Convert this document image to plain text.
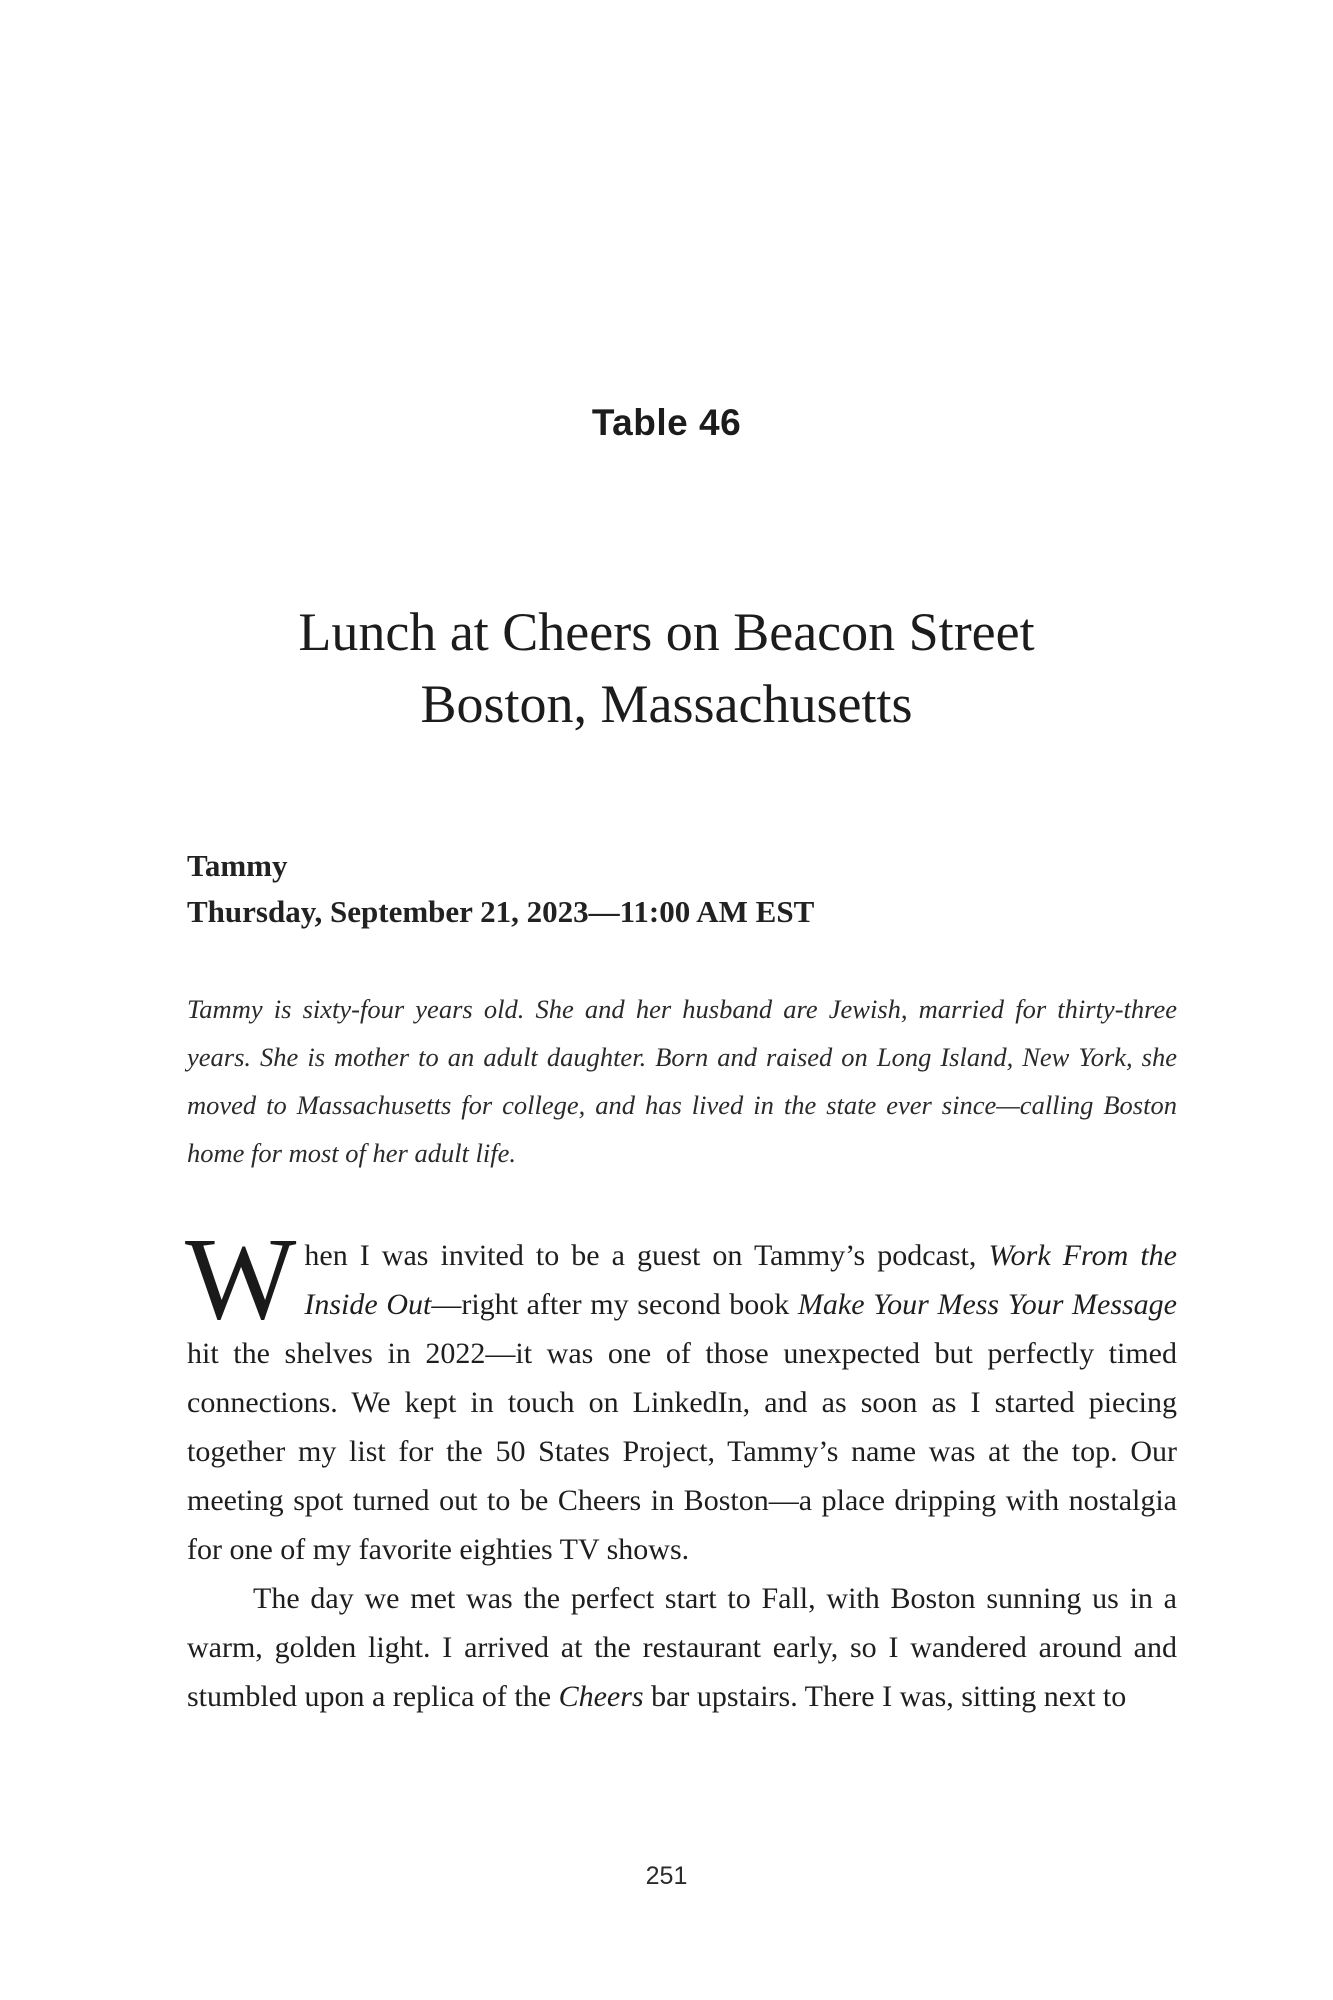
Table 46
Lunch at Cheers on Beacon Street
Boston, Massachusetts
Tammy
Thursday, September 21, 2023—11:00 AM EST

Tammy is sixty-four years old. She and her husband are Jewish, married for thirty-three years. She is mother to an adult daughter. Born and raised on Long Island, New York, she moved to Massachusetts for college, and has lived in the state ever since—calling Boston home for most of her adult life.

When I was invited to be a guest on Tammy’s podcast, Work From the Inside Out—right after my second book Make Your Mess Your Message hit the shelves in 2022—it was one of those unexpected but perfectly timed connections. We kept in touch on LinkedIn, and as soon as I started piecing together my list for the 50 States Project, Tammy’s name was at the top. Our meeting spot turned out to be Cheers in Boston—a place dripping with nostalgia for one of my favorite eighties TV shows.

The day we met was the perfect start to Fall, with Boston sunning us in a warm, golden light. I arrived at the restaurant early, so I wandered around and stumbled upon a replica of the Cheers bar upstairs. There I was, sitting next to

251
